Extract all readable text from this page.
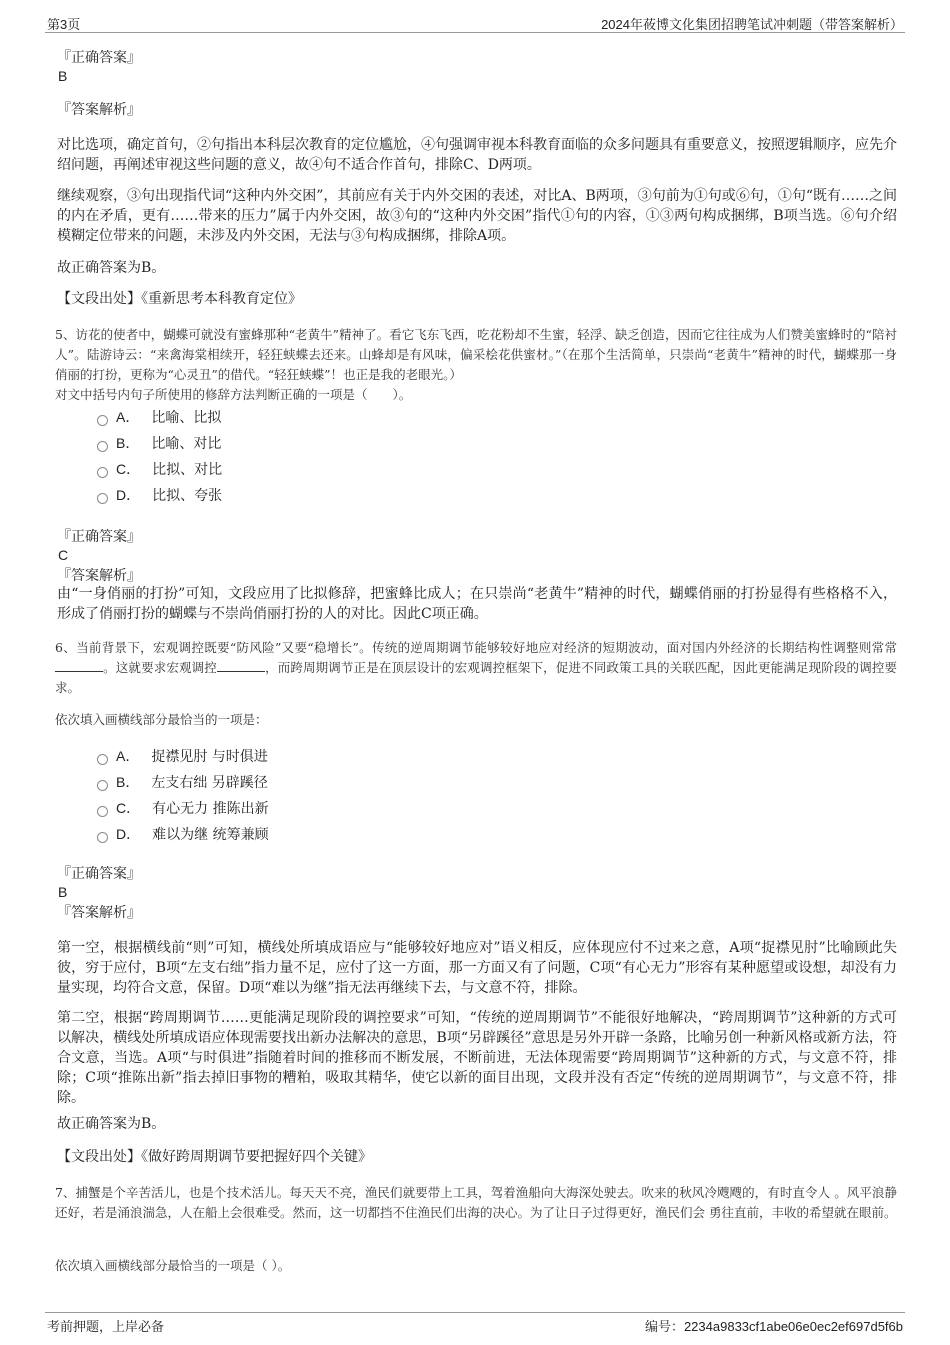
第3页	2024年莜博文化集团招聘笔试冲刺题（带答案解析）
『正确答案』
B
『答案解析』
对比选项，确定首句，②句指出本科层次教育的定位尴尬，④句强调审视本科教育面临的众多问题具有重要意义，按照逻辑顺序，应先介绍问题，再阐述审视这些问题的意义，故④句不适合作首句，排除C、D两项。
继续观察，③句出现指代词“这种内外交困”，其前应有关于内外交困的表述，对比A、B两项，③句前为①句或⑥句，①句“既有……之间的内在矛盾，更有……带来的压力”属于内外交困，故③句的“这种内外交困”指代①句的内容，①③两句构成捆绑，B项当选。⑥句介绍模糊定位带来的问题，未涉及内外交困，无法与③句构成捆绑，排除A项。
故正确答案为B。
【文段出处】《重新思考本科教育定位》
5、访花的使者中，蝴蝶可就没有蜜蜂那种“老黄牛”精神了。看它飞东飞西，吃花粉却不生蜜，轻浮、缺乏创造，因而它往往成为人们赞美蜜蜂时的“陪衬人”。陆游诗云：“来禽海棠相续开，轻狂蛱蝶去还来。山蜂却是有风味，偏采桧花供蜜材。”（在那个生活简单，只崇尚“老黄牛”精神的时代，蝴蝶那一身俏丽的打扮，更称为“心灵丑”的借代。“轻狂蛱蝶”！也正是我的老眼光。）
对文中括号内句子所使用的修辞方法判断正确的一项是（　　）。
A． 比喻、比拟
B． 比喻、对比
C． 比拟、对比
D． 比拟、夸张
『正确答案』
C
『答案解析』
由“一身俏丽的打扮”可知，文段应用了比拟修辞，把蜜蜂比成人；在只崇尚“老黄牛”精神的时代，蝴蝶俏丽的打扮显得有些格格不入，形成了俏丽打扮的蝴蝶与不崇尚俏丽打扮的人的对比。因此C项正确。
6、当前背景下，宏观调控既要“防风险”又要“稳增长”。传统的逆周期调节能够较好地应对经济的短期波动，面对国内外经济的长期结构性调整则常常。这就要求宏观调控	，而跨周期调节正是在顶层设计的宏观调控框架下，促进不同政策工具的关联匹配，因此更能满足现阶段的调控要求。
依次填入画横线部分最恰当的一项是：
A． 捉襟见肘 与时俱进
B． 左支右绌 另辟蹊径
C． 有心无力 推陈出新
D． 难以为继 统筹兼顾
『正确答案』
B
『答案解析』
第一空，根据横线前“则”可知，横线处所填成语应与“能够较好地应对”语义相反，应体现应付不过来之意，A项“捉襟见肘”比喻顾此失彼，穷于应付，B项“左支右绌”指力量不足，应付了这一方面，那一方面又有了问题，C项“有心无力”形容有某种愿望或设想，却没有力量实现，均符合文意，保留。D项“难以为继”指无法再继续下去，与文意不符，排除。
第二空，根据“跨周期调节……更能满足现阶段的调控要求”可知，“传统的逆周期调节”不能很好地解决，“跨周期调节”这种新的方式可以解决，横线处所填成语应体现需要找出新办法解决的意思，B项“另辟蹊径”意思是另外开辟一条路，比喻另创一种新风格或新方法，符合文意，当选。A项“与时俱进”指随着时间的推移而不断发展，不断前进，无法体现需要“跨周期调节”这种新的方式，与文意不符，排除；C项“推陈出新”指去掉旧事物的糟粕，吸取其精华，使它以新的面目出现，文段并没有否定“传统的逆周期调节”，与文意不符，排除。
故正确答案为B。
【文段出处】《做好跨周期调节要把握好四个关键》
7、捕蟹是个辛苦活儿，也是个技术活儿。每天天不亮，渔民们就要带上工具，驾着渔船向大海深处驶去。吹来的秋风冷飕飕的，有时直令人 。风平浪静还好，若是涌浪湍急，人在船上会很难受。然而，这一切都挡不住渔民们出海的决心。为了让日子过得更好，渔民们会 勇往直前，丰收的希望就在眼前。
依次填入画横线部分最恰当的一项是（ ）。
考前押题，上岸必备	编号：2234a9833cf1abe06e0ec2ef697d5f6b
